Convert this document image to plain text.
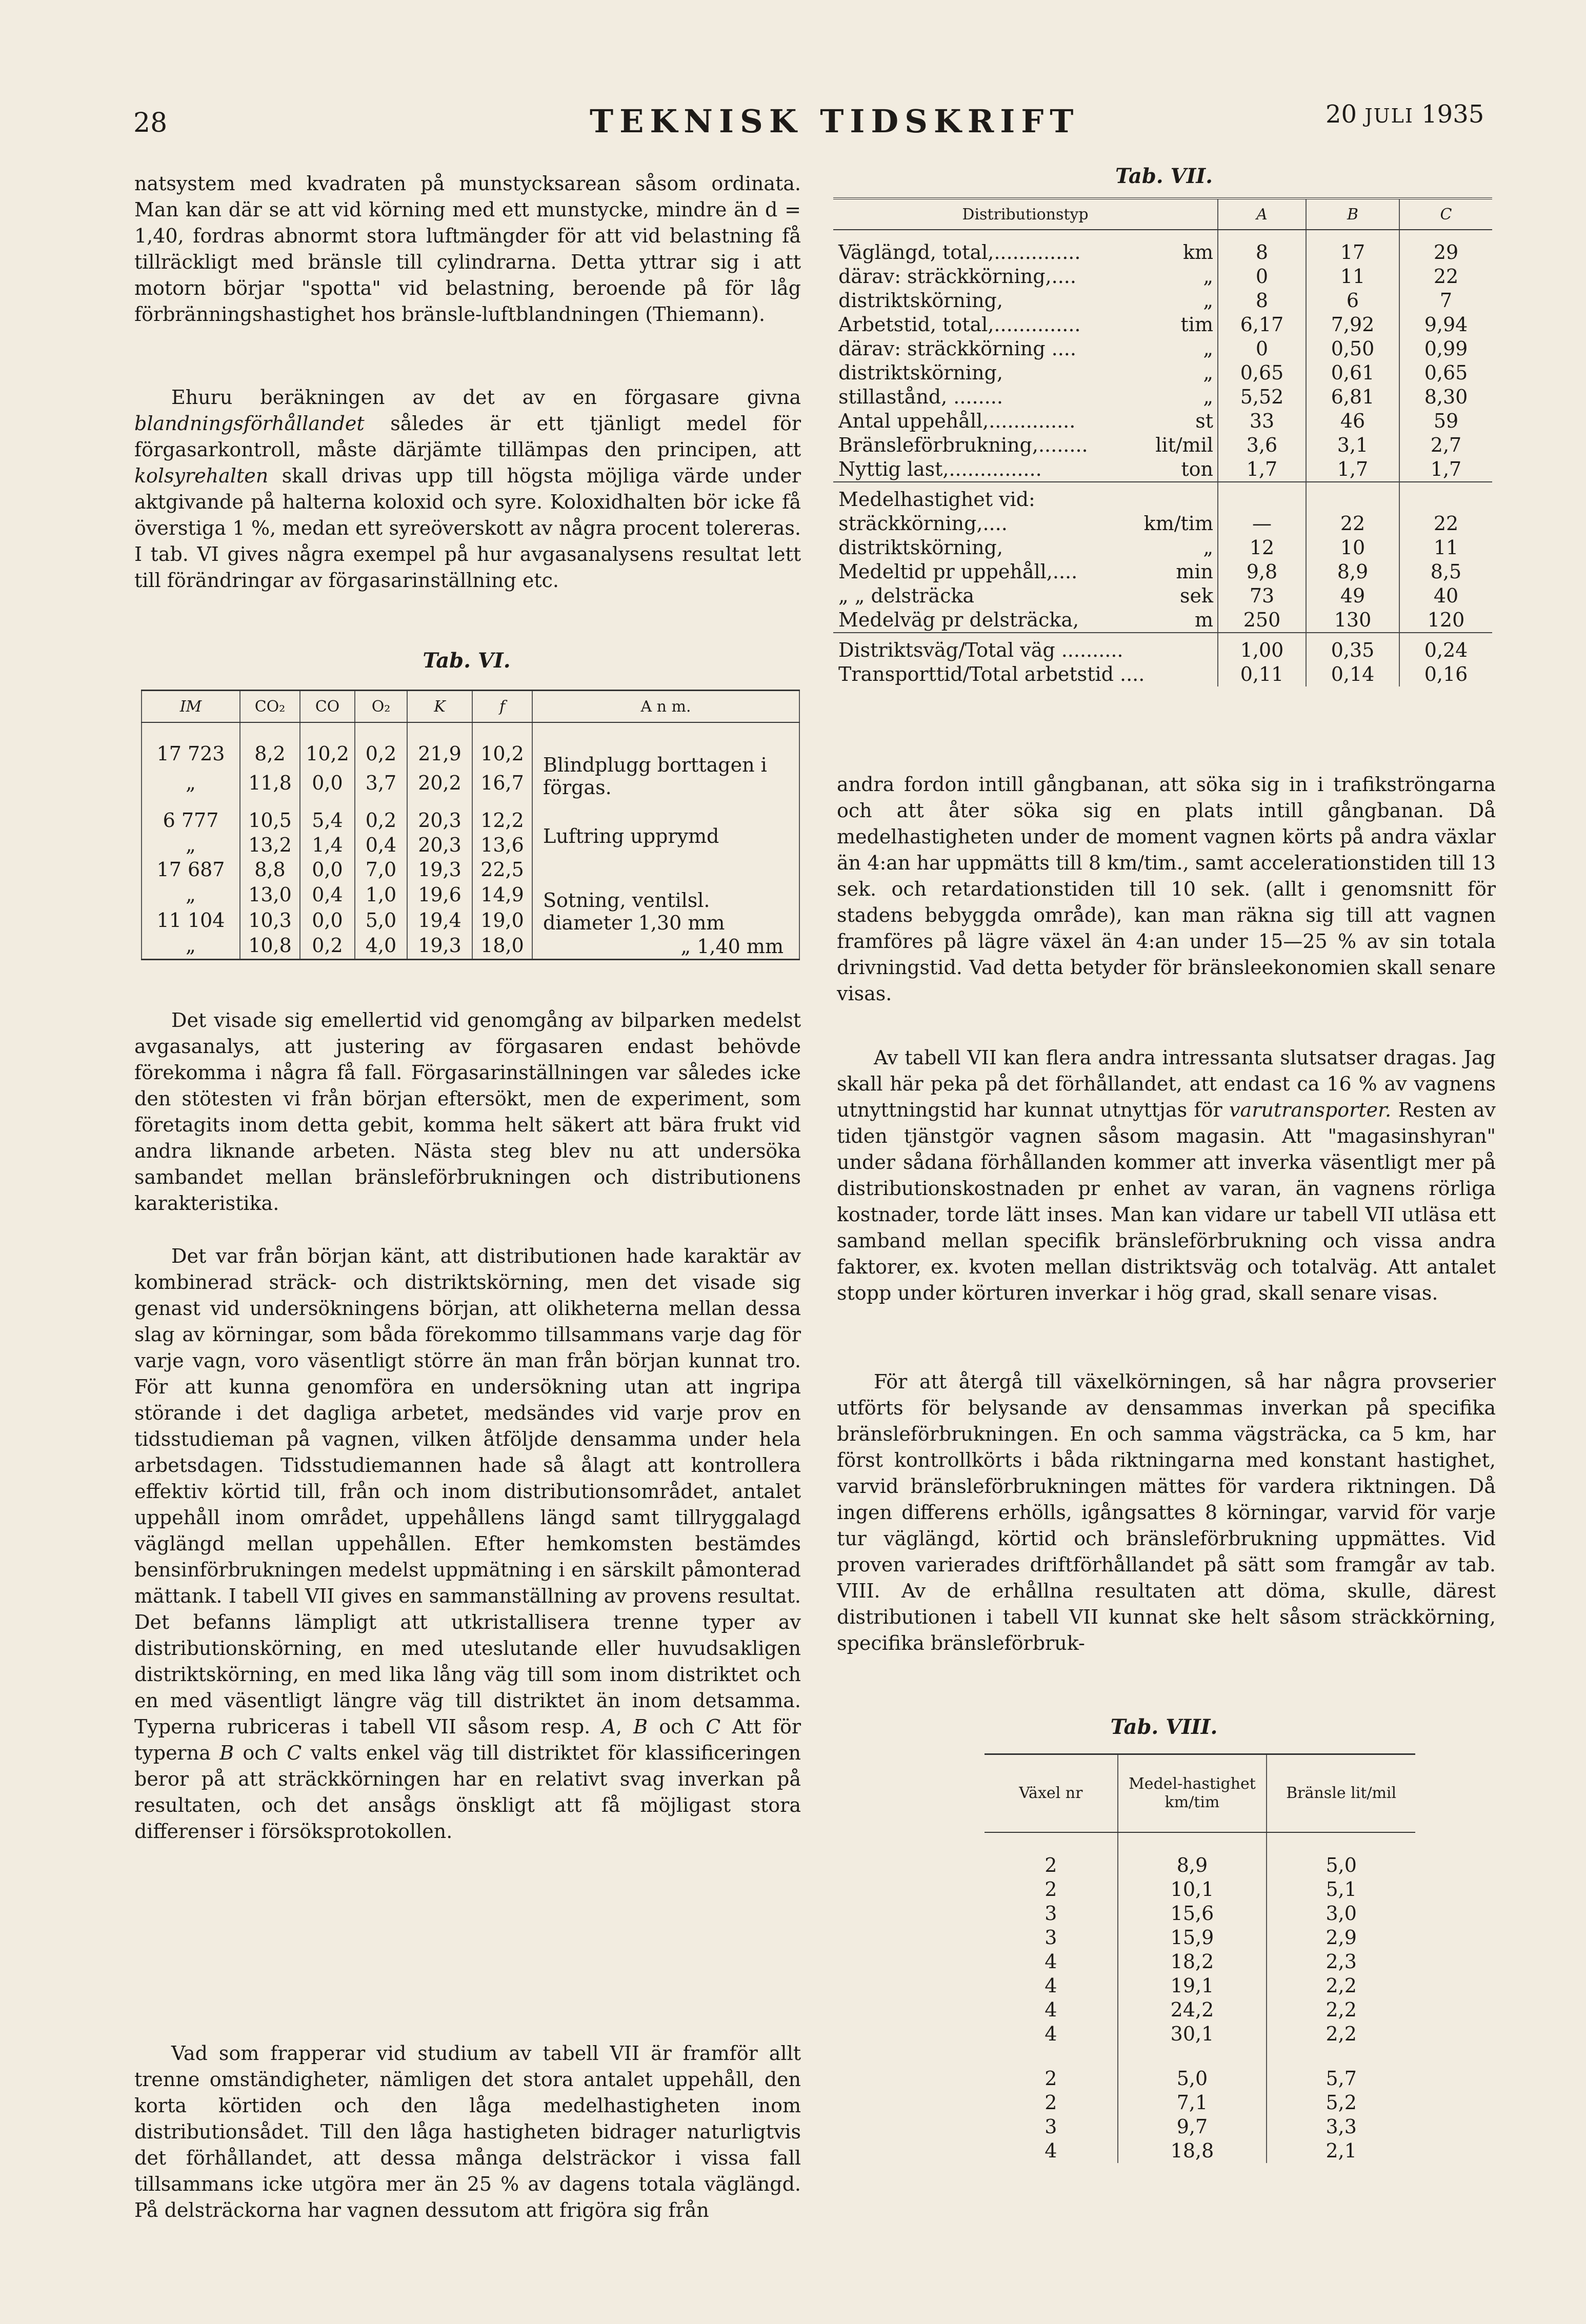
28	TEKNISK TIDSKRIFT	20 JULI 1935

natsystem med kvadraten på munstycksarean såsom ordinata. Man kan där se att vid körning med ett munstycke, mindre än d = 1,40, fordras abnormt stora luftmängder för att vid belastning få tillräckligt med bränsle till cylindrarna. Detta yttrar sig i att motorn börjar "spotta" vid belastning, beroende på för låg förbränningshastighet hos bränsle-luftblandningen (Thiemann).

Ehuru beräkningen av det av en förgasare givna blandningsförhållandet således är ett tjänligt medel för förgasarkontroll, måste därjämte tillämpas den principen, att kolsyrehalten skall drivas upp till högsta möjliga värde under aktgivande på halterna koloxid och syre. Koloxidhalten bör icke få överstiga 1 %, medan ett syreöverskott av några procent tolereras. I tab. VI gives några exempel på hur avgasanalysens resultat lett till förändringar av förgasarinställning etc.

Tab. VI.
IM	CO₂	CO	O₂	K	f	A n m.
17 723	8,2	10,2	0,2	21,9	10,2	Blindplugg borttagen i förgas.
„	11,8	0,0	3,7	20,2	16,7	
6 777	10,5	5,4	0,2	20,3	12,2	Luftring upprymd
„	13,2	1,4	0,4	20,3	13,6	
17 687	8,8	0,0	7,0	19,3	22,5	Sotning, ventilsl. diameter 1,30 mm
„	13,0	0,4	1,0	19,6	14,9	
11 104	10,3	0,0	5,0	19,4	19,0	
„	10,8	0,2	4,0	19,3	18,0	„ 1,40 mm

Det visade sig emellertid vid genomgång av bilparken medelst avgasanalys, att justering av förgasaren endast behövde förekomma i några få fall. Förgasarinställningen var således icke den stötesten vi från början eftersökt, men de experiment, som företagits inom detta gebit, komma helt säkert att bära frukt vid andra liknande arbeten. Nästa steg blev nu att undersöka sambandet mellan bränsleförbrukningen och distributionens karakteristika.

Det var från början känt, att distributionen hade karaktär av kombinerad sträck- och distriktskörning, men det visade sig genast vid undersökningens början, att olikheterna mellan dessa slag av körningar, som båda förekommo tillsammans varje dag för varje vagn, voro väsentligt större än man från början kunnat tro. För att kunna genomföra en undersökning utan att ingripa störande i det dagliga arbetet, medsändes vid varje prov en tidsstudieman på vagnen, vilken åtföljde densamma under hela arbetsdagen. Tidsstudiemannen hade så ålagt att kontrollera effektiv körtid till, från och inom distributionsområdet, antalet uppehåll inom området, uppehållens längd samt tillryggalagd väglängd mellan uppehållen. Efter hemkomsten bestämdes bensinförbrukningen medelst uppmätning i en särskilt påmonterad mättank. I tabell VII gives en sammanställning av provens resultat. Det befanns lämpligt att utkristallisera trenne typer av distributionskörning, en med uteslutande eller huvudsakligen distriktskörning, en med lika lång väg till som inom distriktet och en med väsentligt längre väg till distriktet än inom detsamma. Typerna rubriceras i tabell VII såsom resp. A, B och C Att för typerna B och C valts enkel väg till distriktet för klassificeringen beror på att sträckkörningen har en relativt svag inverkan på resultaten, och det ansågs önskligt att få möjligast stora differenser i försöksprotokollen.

Vad som frapperar vid studium av tabell VII är framför allt trenne omständigheter, nämligen det stora antalet uppehåll, den korta körtiden och den låga medelhastigheten inom distributionsådet. Till den låga hastigheten bidrager naturligtvis det förhållandet, att dessa många delsträckor i vissa fall tillsammans icke utgöra mer än 25 % av dagens totala väglängd. På delsträckorna har vagnen dessutom att frigöra sig från

Tab. VII.
Distributionstyp		A	B	C

Väglängd, total,..............	km	8	17	29
därav: sträckkörning,....	„	0	11	22
distriktskörning,	„	8	6	7
Arbetstid, total,..............	tim	6,17	7,92	9,94
därav: sträckkörning ....	„	0	0,50	0,99
distriktskörning,	„	0,65	0,61	0,65
stillastånd, ........	„	5,52	6,81	8,30
Antal uppehåll,..............	st	33	46	59
Bränsleförbrukning,........	lit/mil	3,6	3,1	2,7
Nyttig last,...............	ton	1,7	1,7	1,7
Medelhastighet vid:				
sträckkörning,....	km/tim	—	22	22
distriktskörning,	„	12	10	11
Medeltid pr uppehåll,....	min	9,8	8,9	8,5
„ „ delsträcka	sek	73	49	40
Medelväg pr delsträcka,	m	250	130	120
Distriktsväg/Total väg ..........		1,00	0,35	0,24
Transporttid/Total arbetstid ....		0,11	0,14	0,16

andra fordon intill gångbanan, att söka sig in i trafikströngarna och att åter söka sig en plats intill gångbanan. Då medelhastigheten under de moment vagnen körts på andra växlar än 4:an har uppmätts till 8 km/tim., samt accelerationstiden till 13 sek. och retardationstiden till 10 sek. (allt i genomsnitt för stadens bebyggda område), kan man räkna sig till att vagnen framföres på lägre växel än 4:an under 15—25 % av sin totala drivningstid. Vad detta betyder för bränsleekonomien skall senare visas.

Av tabell VII kan flera andra intressanta slutsatser dragas. Jag skall här peka på det förhållandet, att endast ca 16 % av vagnens utnyttningstid har kunnat utnyttjas för varutransporter. Resten av tiden tjänstgör vagnen såsom magasin. Att "magasinshyran" under sådana förhållanden kommer att inverka väsentligt mer på distributionskostnaden pr enhet av varan, än vagnens rörliga kostnader, torde lätt inses. Man kan vidare ur tabell VII utläsa ett samband mellan specifik bränsleförbrukning och vissa andra faktorer, ex. kvoten mellan distriktsväg och totalväg. Att antalet stopp under körturen inverkar i hög grad, skall senare visas.

För att återgå till växelkörningen, så har några provserier utförts för belysande av densammas inverkan på specifika bränsleförbrukningen. En och samma vägsträcka, ca 5 km, har först kontrollkörts i båda riktningarna med konstant hastighet, varvid bränsleförbrukningen mättes för vardera riktningen. Då ingen differens erhölls, igångsattes 8 körningar, varvid för varje tur väglängd, körtid och bränsleförbrukning uppmättes. Vid proven varierades driftförhållandet på sätt som framgår av tab. VIII. Av de erhållna resultaten att döma, skulle, därest distributionen i tabell VII kunnat ske helt såsom sträckkörning, specifika bränsleförbruk-

Tab. VIII.
Växel nr	Medel-hastighet km/tim	Bränsle lit/mil
2	8,9	5,0
2	10,1	5,1
3	15,6	3,0
3	15,9	2,9
4	18,2	2,3
4	19,1	2,2
4	24,2	2,2
4	30,1	2,2

2	5,0	5,7
2	7,1	5,2
3	9,7	3,3
4	18,8	2,1
